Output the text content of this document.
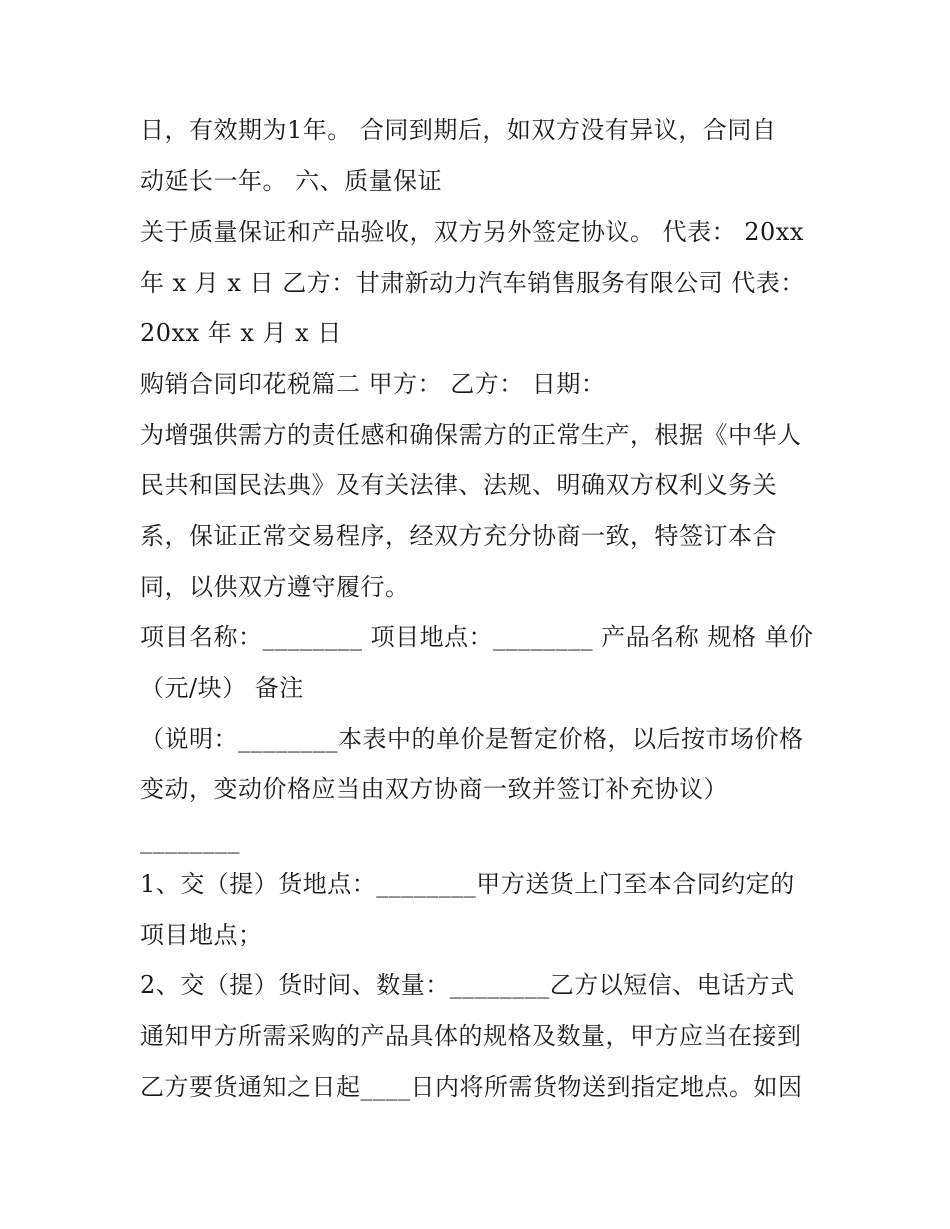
日，有效期为1年。 合同到期后，如双方没有异议，合同自
动延长一年。 六、质量保证
关于质量保证和产品验收，双方另外签定协议。 代表： 20xx
年 x 月 x 日 乙方：甘肃新动力汽车销售服务有限公司 代表：
20xx 年 x 月 x 日
购销合同印花税篇二 甲方： 乙方： 日期：
为增强供需方的责任感和确保需方的正常生产，根据《中华人
民共和国民法典》及有关法律、法规、明确双方权利义务关
系，保证正常交易程序，经双方充分协商一致，特签订本合
同，以供双方遵守履行。
项目名称：________ 项目地点：________ 产品名称 规格 单价
（元/块） 备注
（说明：________本表中的单价是暂定价格，以后按市场价格
变动，变动价格应当由双方协商一致并签订补充协议）
________
1、交（提）货地点：________甲方送货上门至本合同约定的
项目地点；
2、交（提）货时间、数量：________乙方以短信、电话方式
通知甲方所需采购的产品具体的规格及数量，甲方应当在接到
乙方要货通知之日起____日内将所需货物送到指定地点。如因
